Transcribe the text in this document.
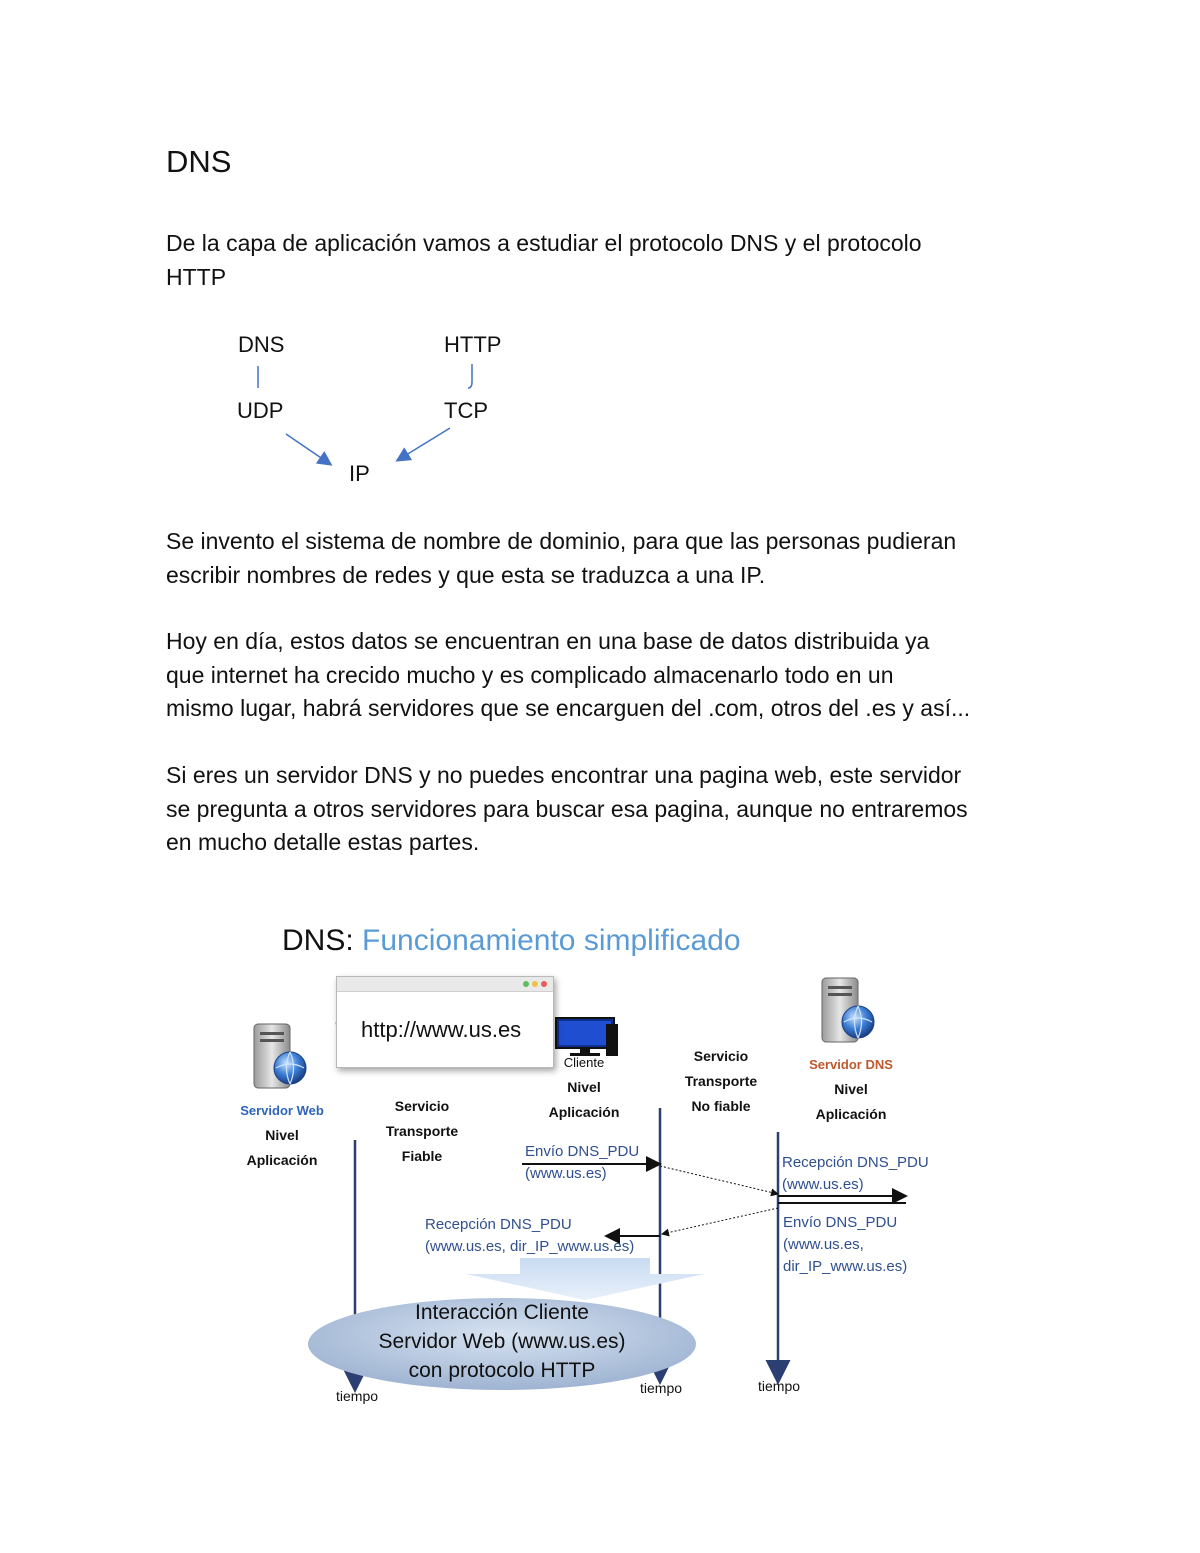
DNS

De la capa de aplicación vamos a estudiar el protocolo DNS y el protocolo

HTTP

DNS	HTTP
UDP	TCP
IP

Se invento el sistema de nombre de dominio, para que las personas pudieran

escribir nombres de redes y que esta se traduzca a una IP.

Hoy en día, estos datos se encuentran en una base de datos distribuida ya

que internet ha crecido mucho y es complicado almacenarlo todo en un

mismo lugar, habrá servidores que se encarguen del .com, otros del .es y así...

Si eres un servidor DNS y no puedes encontrar una pagina web, este servidor

se pregunta a otros servidores para buscar esa pagina, aunque no entraremos

en mucho detalle estas partes.

DNS: Funcionamiento simplificado
http://www.us.es
Servidor Web
Nivel
Aplicación
Servicio
Transporte
Fiable
Cliente
Nivel
Aplicación
Servicio
Transporte
No fiable
Servidor DNS
Nivel
Aplicación
Envío DNS_PDU
(www.us.es)
Recepción DNS_PDU
(www.us.es, dir_IP_www.us.es)
Recepción DNS_PDU
(www.us.es)
Envío DNS_PDU
(www.us.es,
dir_IP_www.us.es)
Interacción Cliente
Servidor Web (www.us.es)
con protocolo HTTP
tiempo	tiempo	tiempo
